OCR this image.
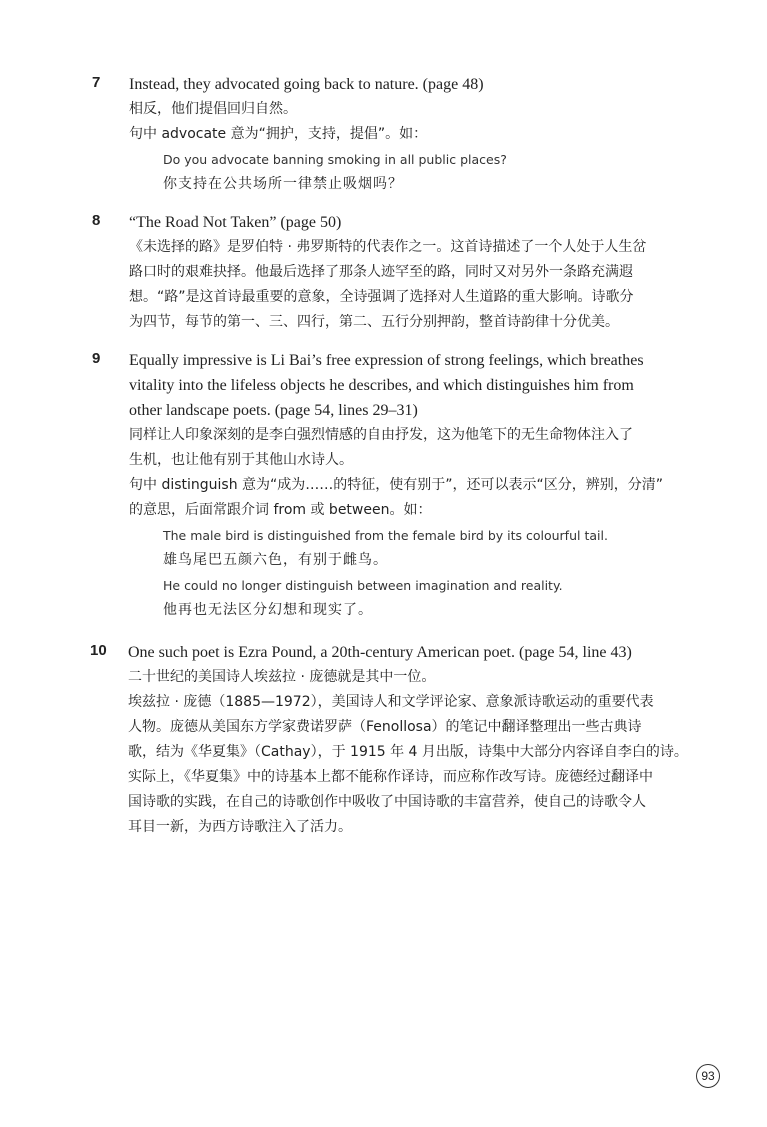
7 Instead, they advocated going back to nature. (page 48)
相反，他们提倡回归自然。
句中 advocate 意为“拥护，支持，提倡”。如：
Do you advocate banning smoking in all public places?
你支持在公共场所一律禁止吸烟吗？
8 “The Road Not Taken” (page 50)
《未选择的路》是罗伯特 · 弗罗斯特的代表作之一。这首诗描述了一个人处于人生岔
路口时的艰难抉择。他最后选择了那条人迹罕至的路，同时又对另外一条路充满遐
想。“路”是这首诗最重要的意象，全诗强调了选择对人生道路的重大影响。诗歌分
为四节，每节的第一、三、四行，第二、五行分别押韵，整首诗韵律十分优美。
9 Equally impressive is Li Bai’s free expression of strong feelings, which breathes
vitality into the lifeless objects he describes, and which distinguishes him from
other landscape poets. (page 54, lines 29–31)
同样让人印象深刻的是李白强烈情感的自由抒发，这为他笔下的无生命物体注入了
生机，也让他有别于其他山水诗人。
句中 distinguish 意为“成为……的特征，使有别于”，还可以表示“区分，辨别，分清”
的意思，后面常跟介词 from 或 between。如：
The male bird is distinguished from the female bird by its colourful tail.
雄鸟尾巴五颜六色，有别于雌鸟。
He could no longer distinguish between imagination and reality.
他再也无法区分幻想和现实了。
10 One such poet is Ezra Pound, a 20th-century American poet. (page 54, line 43)
二十世纪的美国诗人埃兹拉 · 庞德就是其中一位。
埃兹拉 · 庞德（1885—1972），美国诗人和文学评论家、意象派诗歌运动的重要代表
人物。庞德从美国东方学家费诺罗萨（Fenollosa）的笔记中翻译整理出一些古典诗
歌，结为《华夏集》（Cathay），于 1915 年 4 月出版，诗集中大部分内容译自李白的诗。
实际上，《华夏集》中的诗基本上都不能称作译诗，而应称作改写诗。庞德经过翻译中
国诗歌的实践，在自己的诗歌创作中吸收了中国诗歌的丰富营养，使自己的诗歌令人
耳目一新，为西方诗歌注入了活力。
93
